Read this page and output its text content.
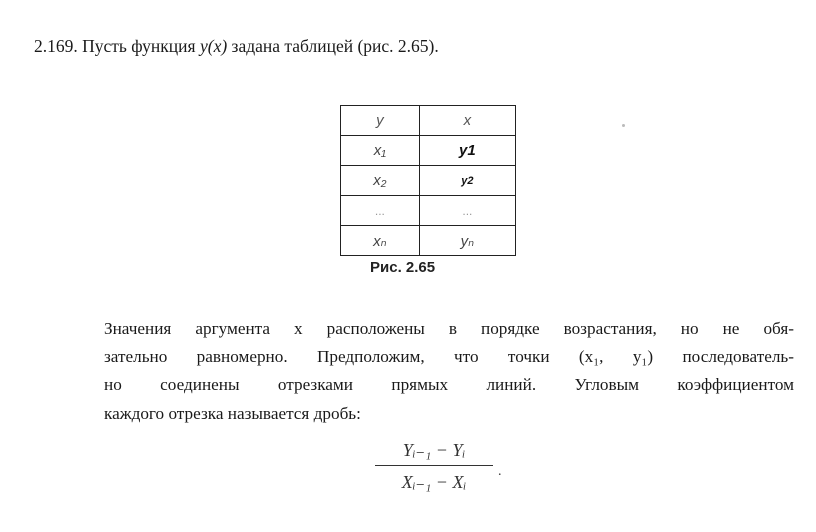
2.169. Пусть функция y(x) задана таблицей (рис. 2.65).
y	x
x₁	y1
x₂	y2
...	...
xₙ	yₙ
Рис. 2.65
Значения аргумента x расположены в порядке возрастания, но не обя-
зательно равномерно. Предположим, что точки (x₁, y₁) последователь-
но соединены отрезками прямых линий. Угловым коэффициентом
каждого отрезка называется дробь:
Yᵢ₋₁ − Yᵢ
Xᵢ₋₁ − Xᵢ
.
